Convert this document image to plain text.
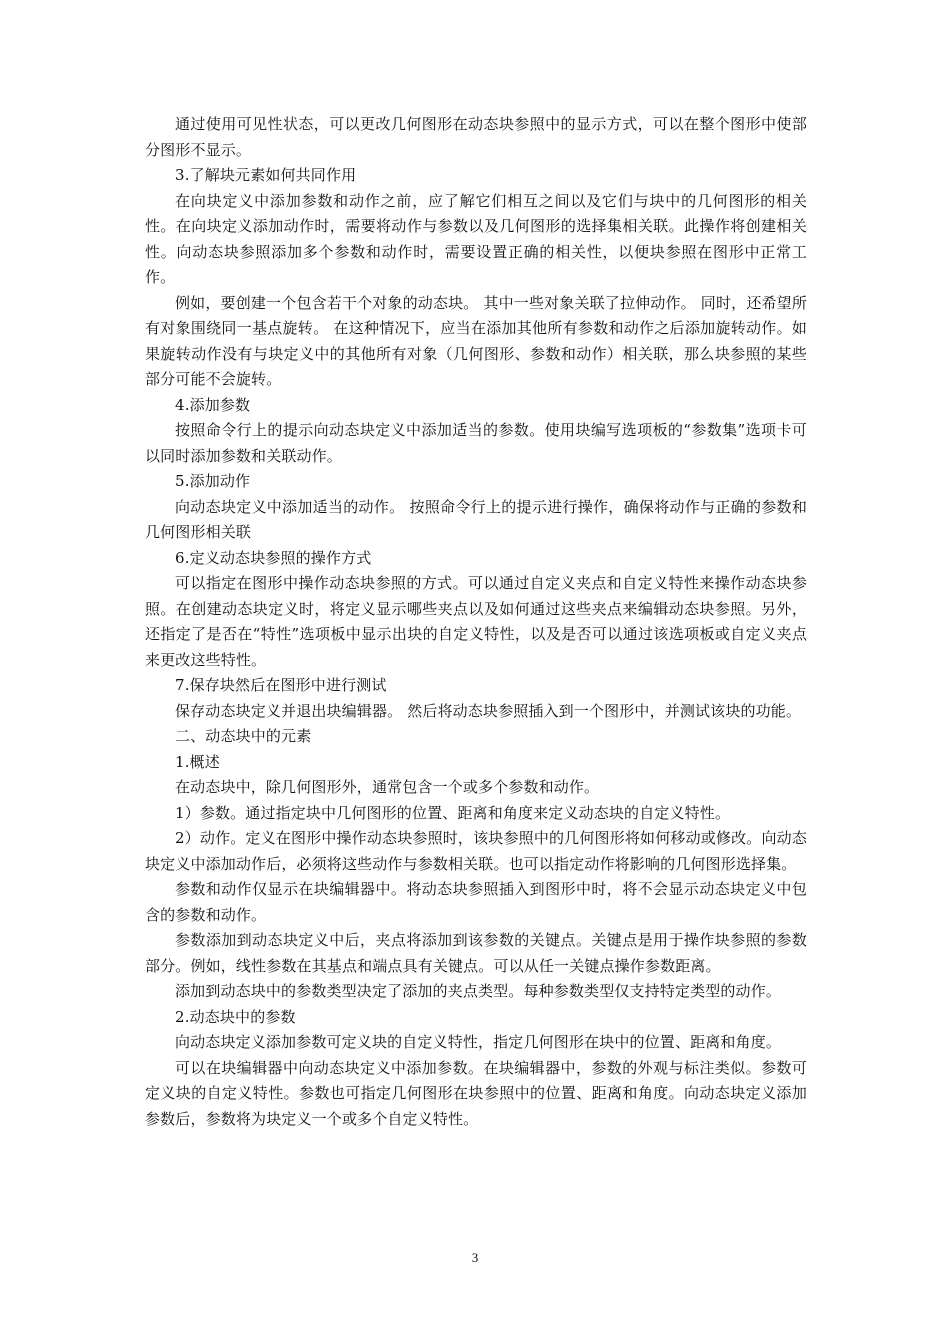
通过使用可见性状态，可以更改几何图形在动态块参照中的显示方式，可以在整个图形中使部分图形不显示。

3.了解块元素如何共同作用

在向块定义中添加参数和动作之前，应了解它们相互之间以及它们与块中的几何图形的相关性。在向块定义添加动作时，需要将动作与参数以及几何图形的选择集相关联。此操作将创建相关性。向动态块参照添加多个参数和动作时，需要设置正确的相关性，以便块参照在图形中正常工作。

例如，要创建一个包含若干个对象的动态块。 其中一些对象关联了拉伸动作。 同时，还希望所有对象围绕同一基点旋转。 在这种情况下，应当在添加其他所有参数和动作之后添加旋转动作。如果旋转动作没有与块定义中的其他所有对象（几何图形、参数和动作）相关联，那么块参照的某些部分可能不会旋转。

4.添加参数

按照命令行上的提示向动态块定义中添加适当的参数。使用块编写选项板的“参数集”选项卡可以同时添加参数和关联动作。

5.添加动作

向动态块定义中添加适当的动作。 按照命令行上的提示进行操作，确保将动作与正确的参数和几何图形相关联

6.定义动态块参照的操作方式

可以指定在图形中操作动态块参照的方式。可以通过自定义夹点和自定义特性来操作动态块参照。在创建动态块定义时，将定义显示哪些夹点以及如何通过这些夹点来编辑动态块参照。另外，还指定了是否在“特性”选项板中显示出块的自定义特性，以及是否可以通过该选项板或自定义夹点来更改这些特性。

7.保存块然后在图形中进行测试

保存动态块定义并退出块编辑器。 然后将动态块参照插入到一个图形中，并测试该块的功能。

二、动态块中的元素

1.概述

在动态块中，除几何图形外，通常包含一个或多个参数和动作。

1）参数。通过指定块中几何图形的位置、距离和角度来定义动态块的自定义特性。

2）动作。定义在图形中操作动态块参照时，该块参照中的几何图形将如何移动或修改。向动态块定义中添加动作后，必须将这些动作与参数相关联。也可以指定动作将影响的几何图形选择集。

参数和动作仅显示在块编辑器中。将动态块参照插入到图形中时，将不会显示动态块定义中包含的参数和动作。

参数添加到动态块定义中后，夹点将添加到该参数的关键点。关键点是用于操作块参照的参数部分。例如，线性参数在其基点和端点具有关键点。可以从任一关键点操作参数距离。

添加到动态块中的参数类型决定了添加的夹点类型。每种参数类型仅支持特定类型的动作。

2.动态块中的参数

向动态块定义添加参数可定义块的自定义特性，指定几何图形在块中的位置、距离和角度。

可以在块编辑器中向动态块定义中添加参数。在块编辑器中，参数的外观与标注类似。参数可定义块的自定义特性。参数也可指定几何图形在块参照中的位置、距离和角度。向动态块定义添加参数后，参数将为块定义一个或多个自定义特性。

3
